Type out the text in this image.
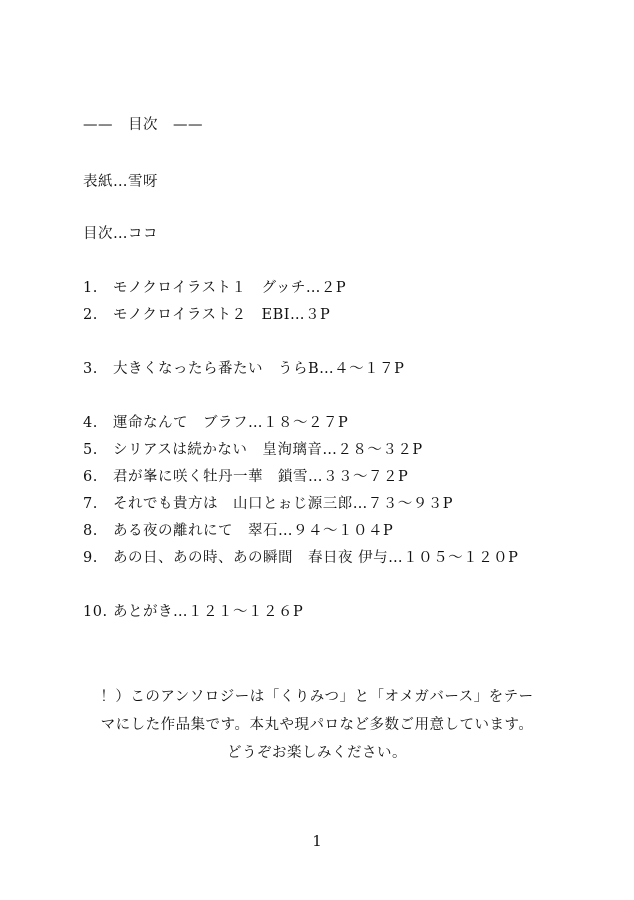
——　目次　——
表紙…雪呀
目次…ココ
1. モノクロイラスト１　グッチ…２P
2. モノクロイラスト２　EBI…３P
3. 大きくなったら番たい　うらB…４～１７P
4. 運命なんて　ブラフ…１８～２７P
5. シリアスは続かない　皇洵璃音…２８～３２P
6. 君が峯に咲く牡丹一華　鎖雪…３３～７２P
7. それでも貴方は　山口とぉじ源三郎…７３～９３P
8. ある夜の離れにて　翠石…９４～１０４P
9. あの日、あの時、あの瞬間　春日夜 伊与…１０５～１２０P
10. あとがき…１２１～１２６P
！）このアンソロジーは「くりみつ」と「オメガバース」をテー
マにした作品集です。本丸や現パロなど多数ご用意しています。
どうぞお楽しみください。
1
